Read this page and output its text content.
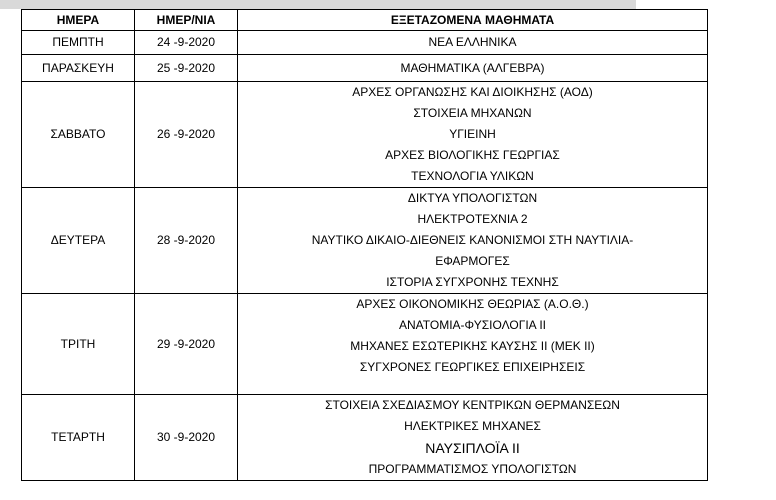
ΗΜΕΡΑ	ΗΜΕΡ/ΝΙΑ	ΕΞΕΤΑΖΟΜΕΝΑ ΜΑΘΗΜΑΤΑ
ΠΕΜΠΤΗ	24 -9-2020	ΝΕΑ ΕΛΛΗΝΙΚΑ

ΠΑΡΑΣΚΕΥΗ	25 -9-2020	ΜΑΘΗΜΑΤΙΚΑ (ΑΛΓΕΒΡΑ)

ΣΑΒΒΑΤΟ	26 -9-2020	ΑΡΧΕΣ ΟΡΓΑΝΩΣΗΣ ΚΑΙ ΔΙΟΙΚΗΣΗΣ (ΑΟΔ)
ΣΤΟΙΧΕΙΑ ΜΗΧΑΝΩΝ
ΥΓΙΕΙΝΗ
ΑΡΧΕΣ ΒΙΟΛΟΓΙΚΗΣ ΓΕΩΡΓΙΑΣ
ΤΕΧΝΟΛΟΓΙΑ ΥΛΙΚΩΝ

ΔΕΥΤΕΡΑ	28 -9-2020	ΔΙΚΤΥΑ ΥΠΟΛΟΓΙΣΤΩΝ
ΗΛΕΚΤΡΟΤΕΧΝΙΑ 2
ΝΑΥΤΙΚΟ ΔΙΚΑΙΟ-ΔΙΕΘΝΕΙΣ ΚΑΝΟΝΙΣΜΟΙ ΣΤΗ ΝΑΥΤΙΛΙΑ-
ΕΦΑΡΜΟΓΕΣ
ΙΣΤΟΡΙΑ ΣΥΓΧΡΟΝΗΣ ΤΕΧΝΗΣ

ΤΡΙΤΗ	29 -9-2020	ΑΡΧΕΣ ΟΙΚΟΝΟΜΙΚΗΣ ΘΕΩΡΙΑΣ (Α.Ο.Θ.)
ΑΝΑΤΟΜΙΑ-ΦΥΣΙΟΛΟΓΙΑ ΙΙ
ΜΗΧΑΝΕΣ ΕΣΩΤΕΡΙΚΗΣ ΚΑΥΣΗΣ ΙΙ (ΜΕΚ ΙΙ)
ΣΥΓΧΡΟΝΕΣ ΓΕΩΡΓΙΚΕΣ ΕΠΙΧΕΙΡΗΣΕΙΣ

ΤΕΤΑΡΤΗ	30 -9-2020	ΣΤΟΙΧΕΙΑ ΣΧΕΔΙΑΣΜΟΥ ΚΕΝΤΡΙΚΩΝ ΘΕΡΜΑΝΣΕΩΝ
ΗΛΕΚΤΡΙΚΕΣ ΜΗΧΑΝΕΣ
ΝΑΥΣΙΠΛΟΪΑ ΙΙ
ΠΡΟΓΡΑΜΜΑΤΙΣΜΟΣ ΥΠΟΛΟΓΙΣΤΩΝ
